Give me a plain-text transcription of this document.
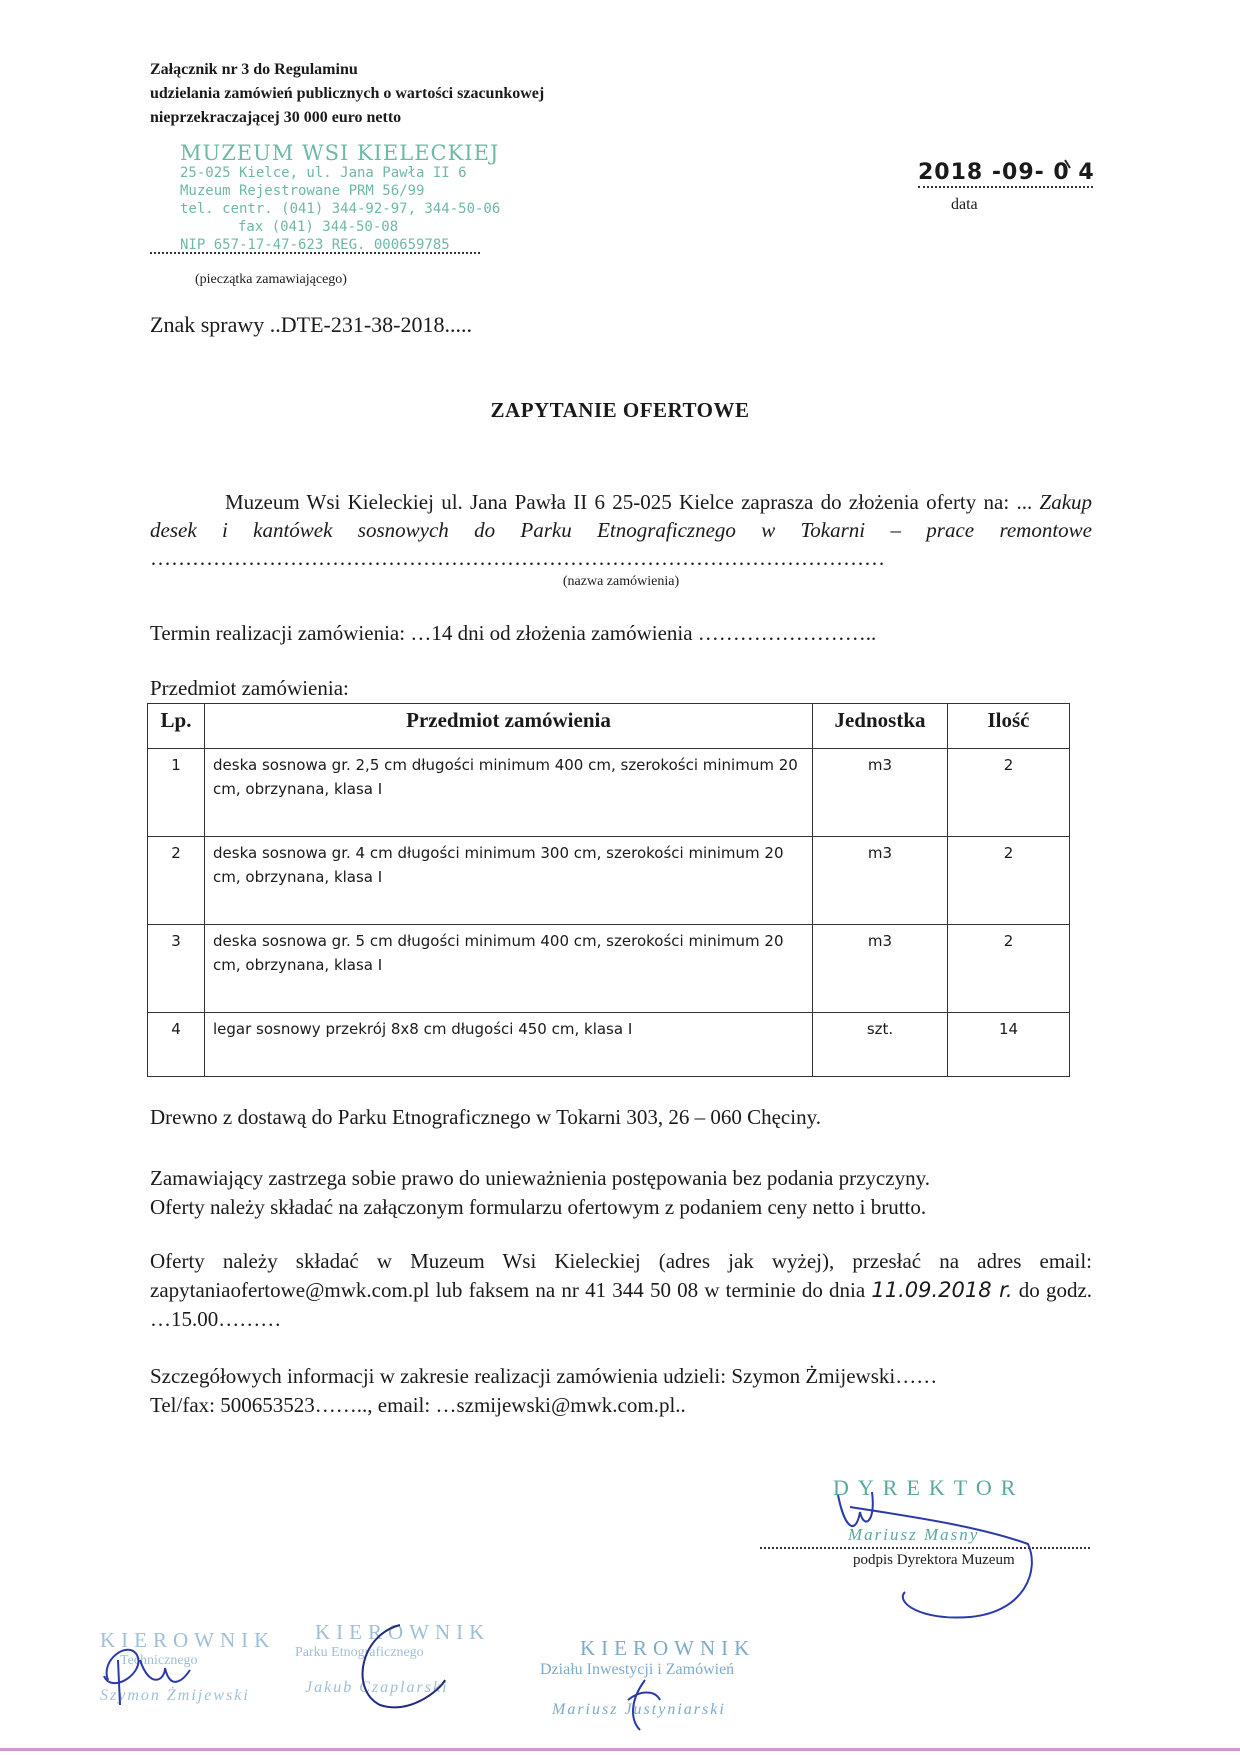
Załącznik nr 3 do Regulaminu
udzielania zamówień publicznych o wartości szacunkowej
nieprzekraczającej 30 000 euro netto
MUZEUM WSI KIELECKIEJ
25-025 Kielce, ul. Jana Pawła II 6
Muzeum Rejestrowane PRM 56/99
tel. centr. (041) 344-92-97, 344-50-06
fax (041) 344-50-08
NIP 657-17-47-623 REG. 000659785
(pieczątka zamawiającego)
2018 -09- 0 4
data
Znak sprawy ..DTE-231-38-2018.....
ZAPYTANIE OFERTOWE

Muzeum Wsi Kieleckiej ul. Jana Pawła II 6 25-025 Kielce zaprasza do złożenia oferty na: ... Zakup desek i kantówek sosnowych do Parku Etnograficznego w Tokarni – prace remontowe ……………………………………………………………………………………………

(nazwa zamówienia)
Termin realizacji zamówienia: …14 dni od złożenia zamówienia ……………………..
Przedmiot zamówienia:
Lp.	Przedmiot zamówienia	Jednostka	Ilość
1	deska sosnowa gr. 2,5 cm długości minimum 400 cm, szerokości minimum 20 cm, obrzynana, klasa I	m3	2
2	deska sosnowa gr. 4 cm długości minimum 300 cm, szerokości minimum 20 cm, obrzynana, klasa I	m3	2
3	deska sosnowa gr. 5 cm długości minimum 400 cm, szerokości minimum 20 cm, obrzynana, klasa I	m3	2
4	legar sosnowy przekrój 8x8 cm długości 450 cm, klasa I	szt.	14
Drewno z dostawą do Parku Etnograficznego w Tokarni 303, 26 – 060 Chęciny.
Zamawiający zastrzega sobie prawo do unieważnienia postępowania bez podania przyczyny.
Oferty należy składać na załączonym formularzu ofertowym z podaniem ceny netto i brutto.
Oferty należy składać w Muzeum Wsi Kieleckiej (adres jak wyżej), przesłać na adres email: zapytaniaofertowe@mwk.com.pl lub faksem na nr 41 344 50 08 w terminie do dnia 11.09.2018 r. do godz. …15.00………
Szczegółowych informacji w zakresie realizacji zamówienia udzieli: Szymon Żmijewski……
Tel/fax: 500653523…….., email: …szmijewski@mwk.com.pl..
DYREKTOR
Mariusz Masny
podpis Dyrektora Muzeum
KIEROWNIK
Technicznego
Szymon Żmijewski
KIEROWNIK
Parku Etnograficznego
Jakub Czaplarski
KIEROWNIK
Działu Inwestycji i Zamówień
Mariusz Justyniarski
